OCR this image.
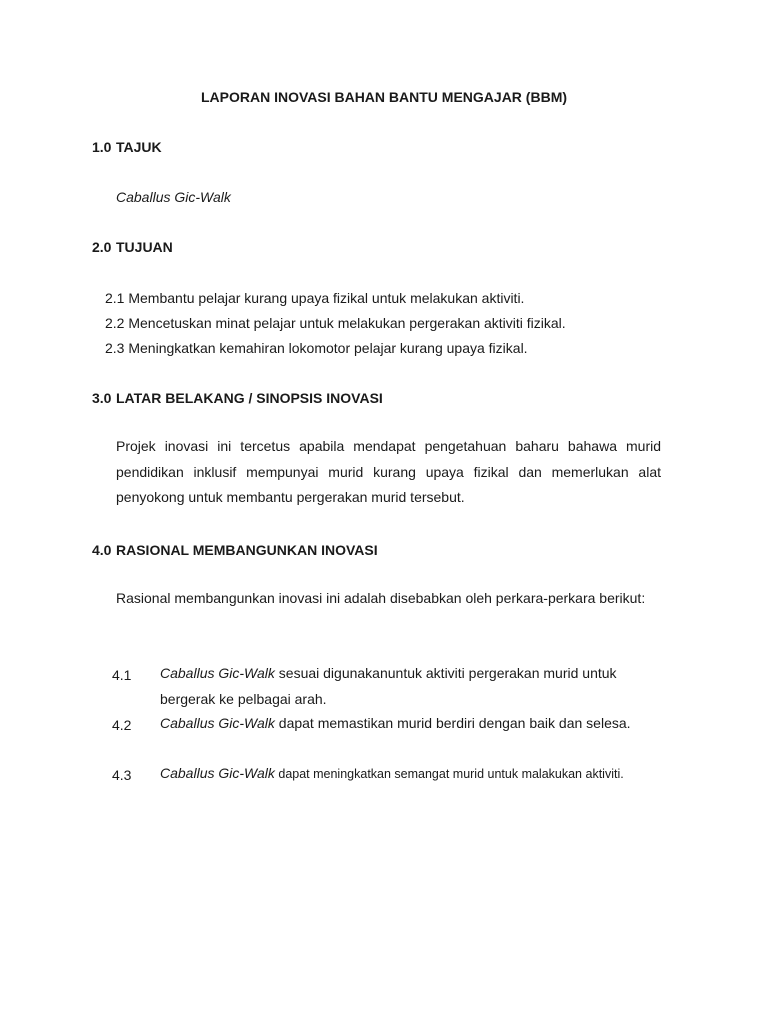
LAPORAN INOVASI BAHAN BANTU MENGAJAR (BBM)
1.0 TAJUK
Caballus Gic-Walk
2.0 TUJUAN
2.1 Membantu pelajar kurang upaya fizikal untuk melakukan aktiviti.
2.2 Mencetuskan minat pelajar untuk melakukan pergerakan aktiviti fizikal.
2.3 Meningkatkan kemahiran lokomotor pelajar kurang upaya fizikal.
3.0 LATAR BELAKANG / SINOPSIS INOVASI
Projek inovasi ini tercetus apabila mendapat pengetahuan baharu bahawa murid pendidikan inklusif mempunyai murid kurang upaya fizikal dan memerlukan alat penyokong untuk membantu pergerakan murid tersebut.
4.0 RASIONAL MEMBANGUNKAN INOVASI
Rasional membangunkan inovasi ini adalah disebabkan oleh perkara-perkara berikut:
4.1 Caballus Gic-Walk sesuai digunakanuntuk aktiviti pergerakan murid untuk bergerak ke pelbagai arah.
4.2 Caballus Gic-Walk dapat memastikan murid berdiri dengan baik dan selesa.
4.3 Caballus Gic-Walk dapat meningkatkan semangat murid untuk malakukan aktiviti.
